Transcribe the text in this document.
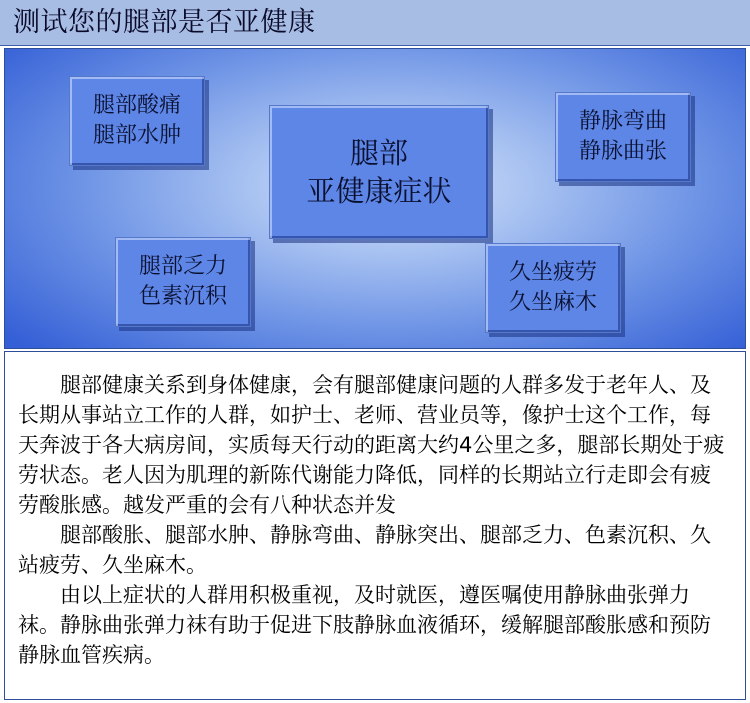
测试您的腿部是否亚健康
腿部酸痛
腿部水肿
腿部
亚健康症状
静脉弯曲
静脉曲张
腿部乏力
色素沉积
久坐疲劳
久坐麻木

腿部健康关系到身体健康，会有腿部健康问题的人群多发于老年人、及长期从事站立工作的人群，如护士、老师、营业员等，像护士这个工作，每天奔波于各大病房间，实质每天行动的距离大约4公里之多，腿部长期处于疲劳状态。老人因为肌理的新陈代谢能力降低，同样的长期站立行走即会有疲劳酸胀感。越发严重的会有八种状态并发

腿部酸胀、腿部水肿、静脉弯曲、静脉突出、腿部乏力、色素沉积、久站疲劳、久坐麻木。

由以上症状的人群用积极重视，及时就医，遵医嘱使用静脉曲张弹力袜。静脉曲张弹力袜有助于促进下肢静脉血液循环，缓解腿部酸胀感和预防静脉血管疾病。
